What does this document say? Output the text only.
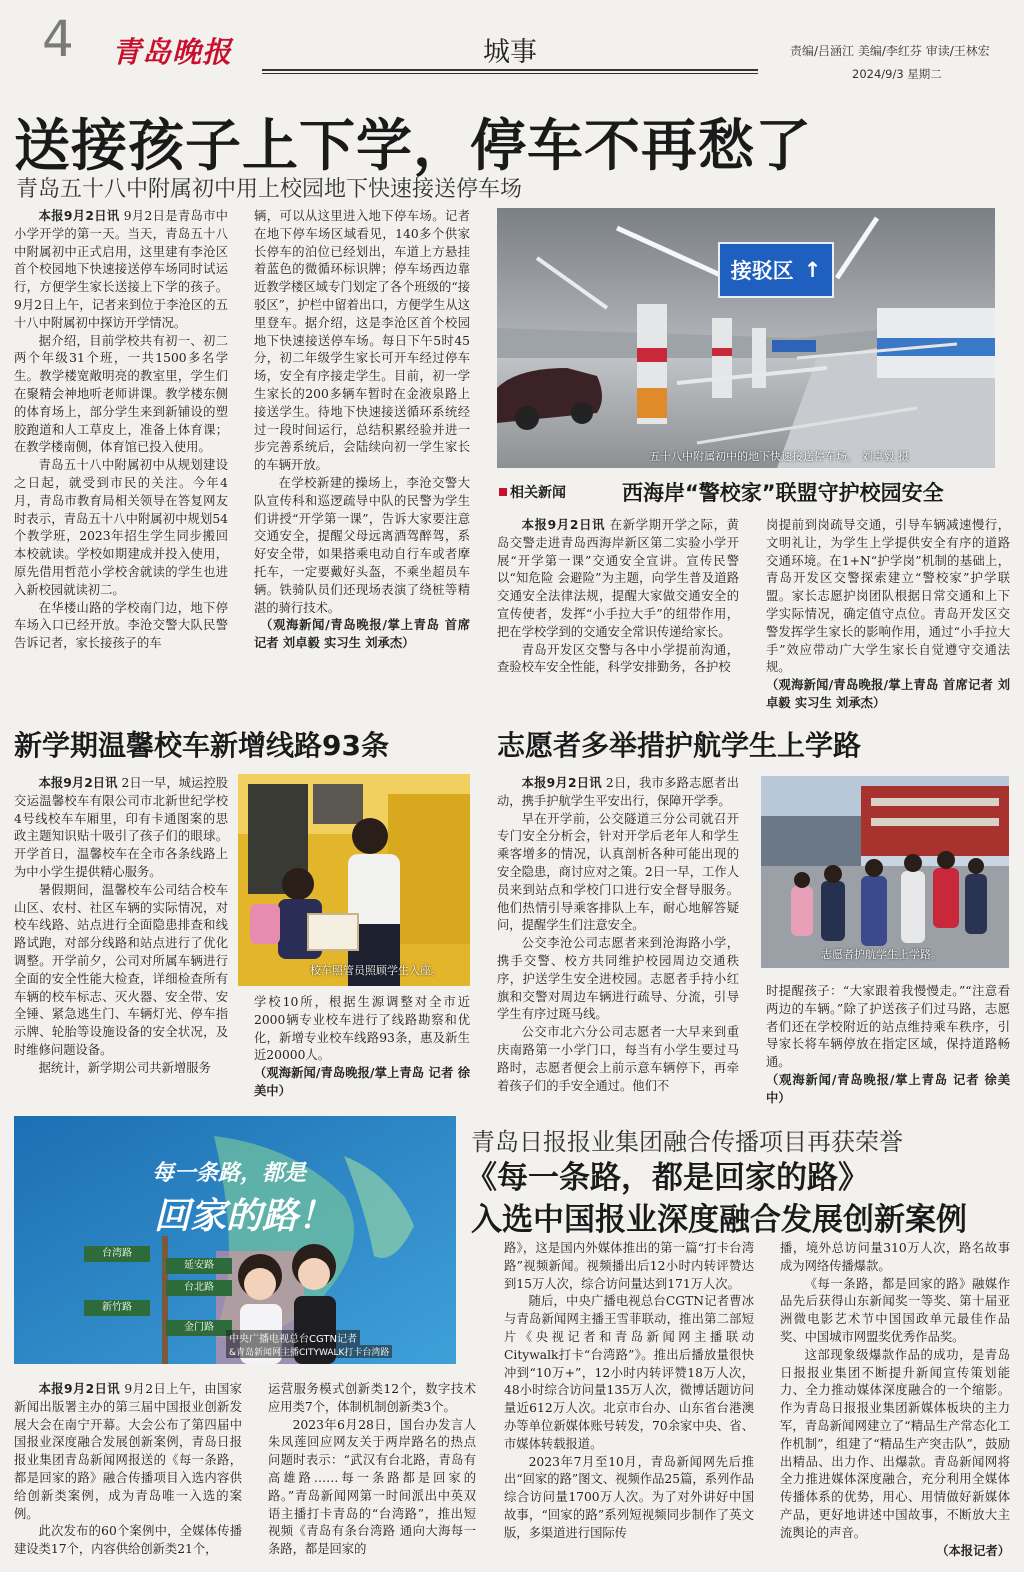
4 青岛晚报	城事	责编/吕涵江 美编/李红芬 审读/王林宏
2024/9/3 星期二
送接孩子上下学，停车不再愁了
青岛五十八中附属初中用上校园地下快速接送停车场

本报9月2日讯 9月2日是青岛市中小学开学的第一天。当天，青岛五十八中附属初中正式启用，这里建有李沧区首个校园地下快速接送停车场同时试运行，方便学生家长送接上下学的孩子。9月2日上午，记者来到位于李沧区的五十八中附属初中探访开学情况。

据介绍，目前学校共有初一、初二两个年级31个班，一共1500多名学生。教学楼宽敞明亮的教室里，学生们在聚精会神地听老师讲课。教学楼东侧的体育场上，部分学生来到新铺设的塑胶跑道和人工草皮上，准备上体育课；在教学楼南侧，体育馆已投入使用。

青岛五十八中附属初中从规划建设之日起，就受到市民的关注。今年4月，青岛市教育局相关领导在答复网友时表示，青岛五十八中附属初中规划54个教学班，2023年招生学生同步搬回本校就读。学校如期建成并投入使用，原先借用哲范小学校舍就读的学生也进入新校园就读初二。

在华楼山路的学校南门边，地下停车场入口已经开放。李沧交警大队民警告诉记者，家长接孩子的车

辆，可以从这里进入地下停车场。记者在地下停车场区域看见，140多个供家长停车的泊位已经划出，车道上方悬挂着蓝色的微循环标识牌；停车场西边靠近教学楼区域专门划定了各个班级的“接驳区”，护栏中留着出口，方便学生从这里登车。据介绍，这是李沧区首个校园地下快速接送停车场。每日下午5时45分，初二年级学生家长可开车经过停车场，安全有序接走学生。目前，初一学生家长的200多辆车暂时在金液泉路上接送学生。待地下快速接送循环系统经过一段时间运行，总结积累经验并进一步完善系统后，会陆续向初一学生家长的车辆开放。

在学校新建的操场上，李沧交警大队宣传科和巡逻疏导中队的民警为学生们讲授“开学第一课”，告诉大家要注意交通安全，提醒父母远离酒驾醉驾，系好安全带，如果搭乘电动自行车或者摩托车，一定要戴好头盔，不乘坐超员车辆。铁骑队员们还现场表演了绕桩等精湛的骑行技术。

（观海新闻/青岛晚报/掌上青岛 首席记者 刘卓毅 实习生 刘承杰）

接驳区 ↑
五十八中附属初中的地下快速接送停车场。 刘卓毅 摄
相关新闻	西海岸“警校家”联盟守护校园安全

本报9月2日讯 在新学期开学之际，黄岛交警走进青岛西海岸新区第二实验小学开展“开学第一课”交通安全宣讲。宣传民警以“知危险 会避险”为主题，向学生普及道路交通安全法律法规，提醒大家做交通安全的宣传使者，发挥“小手拉大手”的纽带作用，把在学校学到的交通安全常识传递给家长。

青岛开发区交警与各中小学提前沟通，查验校车安全性能，科学安排勤务，各护校

岗提前到岗疏导交通，引导车辆减速慢行，文明礼让，为学生上学提供安全有序的道路交通环境。在1+N“护学岗”机制的基础上，青岛开发区交警探索建立“警校家”护学联盟。家长志愿护岗团队根据日常交通和上下学实际情况，确定值守点位。青岛开发区交警发挥学生家长的影响作用，通过“小手拉大手”效应带动广大学生家长自觉遵守交通法规。

（观海新闻/青岛晚报/掌上青岛 首席记者 刘卓毅 实习生 刘承杰）

新学期温馨校车新增线路93条

本报9月2日讯 2日一早，城运控股交运温馨校车有限公司市北新世纪学校4号线校车车厢里，印有卡通图案的思政主题知识贴十吸引了孩子们的眼球。开学首日，温馨校车在全市各条线路上为中小学生提供精心服务。

暑假期间，温馨校车公司结合校车山区、农村、社区车辆的实际情况，对校车线路、站点进行全面隐患排查和线路试跑，对部分线路和站点进行了优化调整。开学前夕，公司对所属车辆进行全面的安全性能大检查，详细检查所有车辆的校车标志、灭火器、安全带、安全锤、紧急逃生门、车辆灯光、停车指示牌、轮胎等设施设备的安全状况，及时维修问题设备。

据统计，新学期公司共新增服务

校车照管员照顾学生入座。

学校10所，根据生源调整对全市近2000辆专业校车进行了线路勘察和优化，新增专业校车线路93条，惠及新生近20000人。

（观海新闻/青岛晚报/掌上青岛 记者 徐美中）

志愿者多举措护航学生上学路

本报9月2日讯 2日，我市多路志愿者出动，携手护航学生平安出行，保障开学季。

早在开学前，公交隧道三分公司就召开专门安全分析会，针对开学后老年人和学生乘客增多的情况，认真剖析各种可能出现的安全隐患，商讨应对之策。2日一早，工作人员来到站点和学校门口进行安全督导服务。他们热情引导乘客排队上车，耐心地解答疑问，提醒学生们注意安全。

公交李沧公司志愿者来到沧海路小学，携手交警、校方共同维护校园周边交通秩序，护送学生安全进校园。志愿者手持小红旗和交警对周边车辆进行疏导、分流，引导学生有序过斑马线。

公交市北六分公司志愿者一大早来到重庆南路第一小学门口，每当有小学生要过马路时，志愿者便会上前示意车辆停下，再牵着孩子们的手安全通过。他们不

志愿者护航学生上学路。

时提醒孩子：“大家跟着我慢慢走。”“注意看两边的车辆。”除了护送孩子们过马路，志愿者们还在学校附近的站点维持乘车秩序，引导家长将车辆停放在指定区域，保持道路畅通。

（观海新闻/青岛晚报/掌上青岛 记者 徐美中）

每一条路，都是
回家的路！
台湾路
延安路
台北路
新竹路
金门路
中央广播电视总台CGTN记者
&青岛新闻网主播CITYWALK打卡台湾路
青岛日报报业集团融合传播项目再获荣誉
《每一条路，都是回家的路》
入选中国报业深度融合发展创新案例

本报9月2日讯 9月2日上午，由国家新闻出版署主办的第三届中国报业创新发展大会在南宁开幕。大会公布了第四届中国报业深度融合发展创新案例，青岛日报报业集团青岛新闻网报送的《每一条路，都是回家的路》融合传播项目入选内容供给创新类案例，成为青岛唯一入选的案例。

此次发布的60个案例中，全媒体传播建设类17个，内容供给创新类21个，

运营服务模式创新类12个，数字技术应用类7个，体制机制创新类3个。

2023年6月28日，国台办发言人朱凤莲回应网友关于两岸路名的热点问题时表示：“武汉有台北路，青岛有高雄路……每一条路都是回家的路。”青岛新闻网第一时间派出中英双语主播打卡青岛的“台湾路”，推出短视频《青岛有条台湾路 通向大海每一条路，都是回家的

路》，这是国内外媒体推出的第一篇“打卡台湾路”视频新闻。视频播出后12小时内转评赞达到15万人次，综合访问量达到171万人次。

随后，中央广播电视总台CGTN记者曹冰与青岛新闻网主播王雪菲联动，推出第二部短片《央视记者和青岛新闻网主播联动Citywalk打卡“台湾路”》。推出后播放量很快冲到“10万+”，12小时内转评赞18万人次，48小时综合访问量135万人次，微博话题访问量近612万人次。北京市台办、山东省台港澳办等单位新媒体账号转发，70余家中央、省、市媒体转载报道。

2023年7月至10月，青岛新闻网先后推出“回家的路”图文、视频作品25篇，系列作品综合访问量1700万人次。为了对外讲好中国故事，“回家的路”系列短视频同步制作了英文版，多渠道进行国际传

播，境外总访问量310万人次，路名故事成为网络传播爆款。

《每一条路，都是回家的路》融媒作品先后获得山东新闻奖一等奖、第十届亚洲微电影艺术节中国国政单元最佳作品奖、中国城市网盟奖优秀作品奖。

这部现象级爆款作品的成功，是青岛日报报业集团不断提升新闻宣传策划能力、全力推动媒体深度融合的一个缩影。作为青岛日报报业集团新媒体板块的主力军，青岛新闻网建立了“精品生产常态化工作机制”，组建了“精品生产突击队”，鼓励出精品、出力作、出爆款。青岛新闻网将全力推进媒体深度融合，充分利用全媒体传播体系的优势，用心、用情做好新媒体产品，更好地讲述中国故事，不断放大主流舆论的声音。

（本报记者）
